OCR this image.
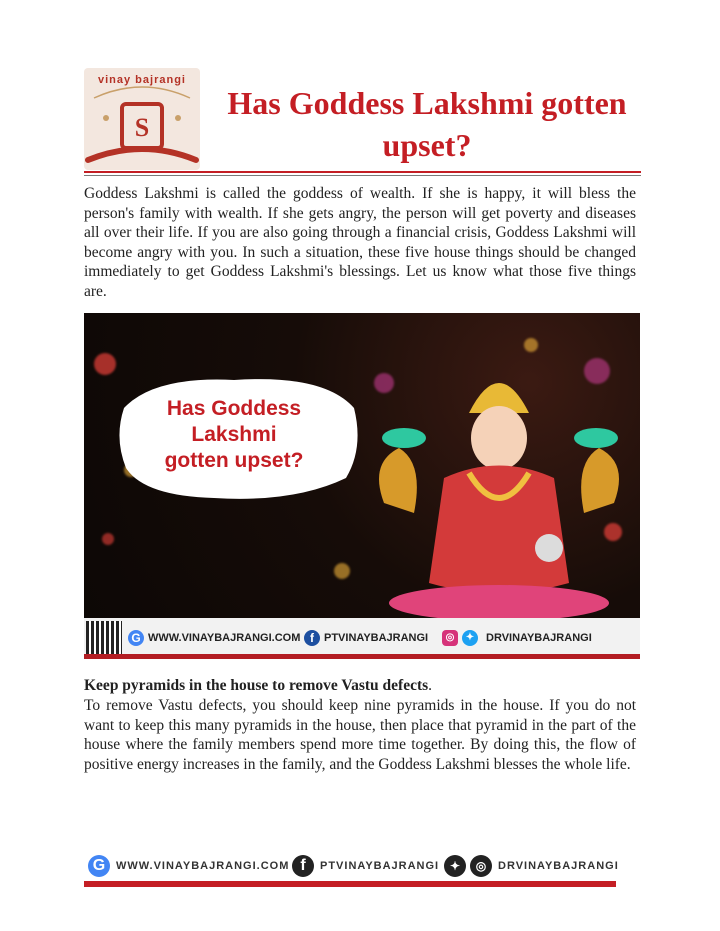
vinay bajrangi
S
Has Goddess Lakshmi gotten upset?
Goddess Lakshmi is called the goddess of wealth. If she is happy, it will bless the person's family with wealth. If she gets angry, the person will get poverty and diseases all over their life. If you are also going through a financial crisis, Goddess Lakshmi will become angry with you. In such a situation, these five house things should be changed immediately to get Goddess Lakshmi's blessings. Let us know what those five things are.
Has Goddess
Lakshmi
gotten upset?
G WWW.VINAYBAJRANGI.COM f PTVINAYBAJRANGI	◎	✦	DRVINAYBAJRANGI
Keep pyramids in the house to remove Vastu defects.
To remove Vastu defects, you should keep nine pyramids in the house. If you do not want to keep this many pyramids in the house, then place that pyramid in the part of the house where the family members spend more time together. By doing this, the flow of positive energy increases in the family, and the Goddess Lakshmi blesses the whole life.
G WWW.VINAYBAJRANGI.COM f	PTVINAYBAJRANGI ✦	◎	DRVINAYBAJRANGI
